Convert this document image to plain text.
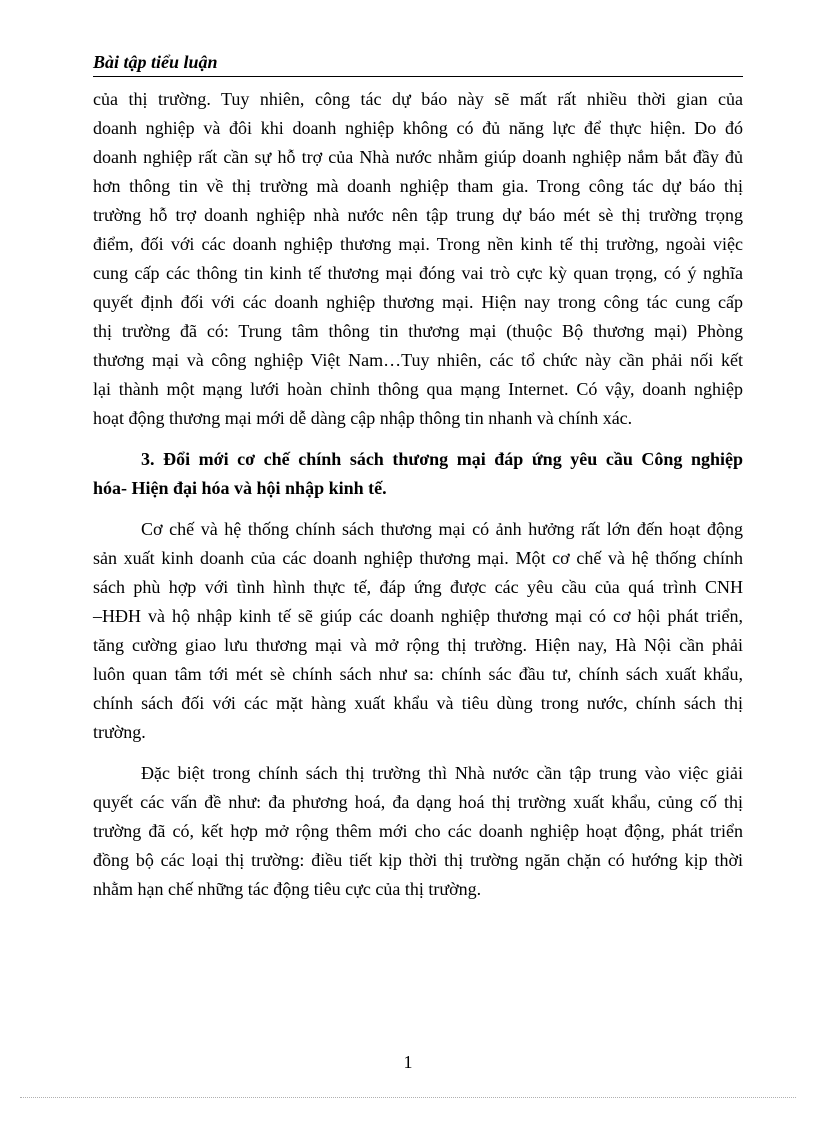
Bài tập tiểu luận
của thị trường. Tuy nhiên, công tác dự báo này sẽ mất rất nhiều thời gian của
doanh nghiệp và đôi khi doanh nghiệp không có đủ năng lực để thực hiện. Do đó
doanh nghiệp rất cần sự hỗ trợ của Nhà nước nhằm giúp doanh nghiệp nắm bắt đầy đủ
hơn thông tin về thị trường mà doanh nghiệp tham gia. Trong công tác dự báo thị
trường hỗ trợ doanh nghiệp nhà nước nên tập trung dự báo mét sè thị trường trọng
điểm, đối với các doanh nghiệp thương mại. Trong nền kinh tế thị trường, ngoài việc
cung cấp các thông tin kinh tế thương mại đóng vai trò cực kỳ quan trọng, có ý nghĩa
quyết định đối với các doanh nghiệp thương mại. Hiện nay trong công tác cung cấp
thị trường đã có: Trung tâm thông tin thương mại (thuộc Bộ thương mại) Phòng
thương mại và công nghiệp Việt Nam…Tuy nhiên, các tổ chức này cần phải nối kết
lại thành một mạng lưới hoàn chỉnh thông qua mạng Internet. Có vậy, doanh nghiệp
hoạt động thương mại mới dễ dàng cập nhập thông tin nhanh và chính xác.
3. Đổi mới cơ chế chính sách thương mại đáp ứng yêu cầu Công nghiệp
hóa- Hiện đại hóa và hội nhập kinh tế.
Cơ chế và hệ thống chính sách thương mại có ảnh hưởng rất lớn đến hoạt động
sản xuất kinh doanh của các doanh nghiệp thương mại. Một cơ chế và hệ thống chính
sách phù hợp với tình hình thực tế, đáp ứng được các yêu cầu của quá trình CNH
–HĐH và hộ nhập kinh tế sẽ giúp các doanh nghiệp thương mại có cơ hội phát triển,
tăng cường giao lưu thương mại và mở rộng thị trường. Hiện nay, Hà Nội cần phải
luôn quan tâm tới mét sè chính sách như sa: chính sác đầu tư, chính sách xuất khẩu,
chính sách đối với các mặt hàng xuất khẩu và tiêu dùng trong nước, chính sách thị
trường.
Đặc biệt trong chính sách thị trường thì Nhà nước cần tập trung vào việc giải
quyết các vấn đề như: đa phương hoá, đa dạng hoá thị trường xuất khẩu, củng cố thị
trường đã có, kết hợp mở rộng thêm mới cho các doanh nghiệp hoạt động, phát triển
đồng bộ các loại thị trường: điều tiết kịp thời thị trường ngăn chặn có hướng kịp thời
nhằm hạn chế những tác động tiêu cực của thị trường.
1
